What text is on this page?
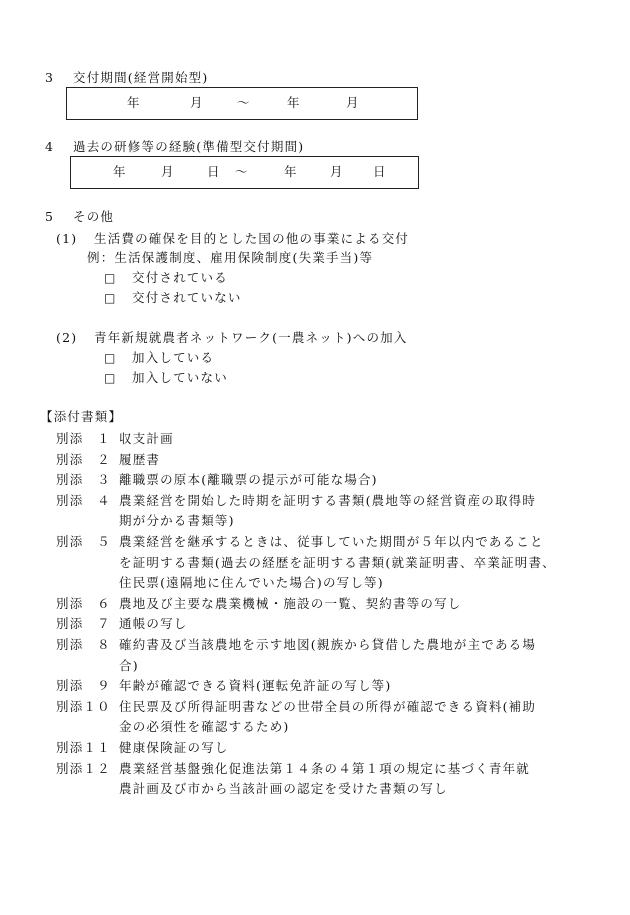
3 交付期間(経営開始型)
年	月	〜	年	月
4 過去の研修等の経験(準備型交付期間)
年	月	日 〜	年	月 日
5 その他
(1) 生活費の確保を目的とした国の他の事業による交付
例：生活保護制度、雇用保険制度(失業手当)等
□ 交付されている
□ 交付されていない
(2) 青年新規就農者ネットワーク(一農ネット)への加入
□ 加入している
□ 加入していない
【添付書類】
別添　１ 収支計画
別添　２ 履歴書
別添　３ 離職票の原本(離職票の提示が可能な場合)
別添　４ 農業経営を開始した時期を証明する書類(農地等の経営資産の取得時
期が分かる書類等)
別添　５ 農業経営を継承するときは、従事していた期間が５年以内であること
を証明する書類(過去の経歴を証明する書類(就業証明書、卒業証明書、
住民票(遠隔地に住んでいた場合)の写し等)
別添　６ 農地及び主要な農業機械・施設の一覧、契約書等の写し
別添　７ 通帳の写し
別添　８ 確約書及び当該農地を示す地図(親族から貸借した農地が主である場
合)
別添　９ 年齢が確認できる資料(運転免許証の写し等)
別添１０ 住民票及び所得証明書などの世帯全員の所得が確認できる資料(補助
金の必須性を確認するため)
別添１１ 健康保険証の写し
別添１２ 農業経営基盤強化促進法第１４条の４第１項の規定に基づく青年就
農計画及び市から当該計画の認定を受けた書類の写し
